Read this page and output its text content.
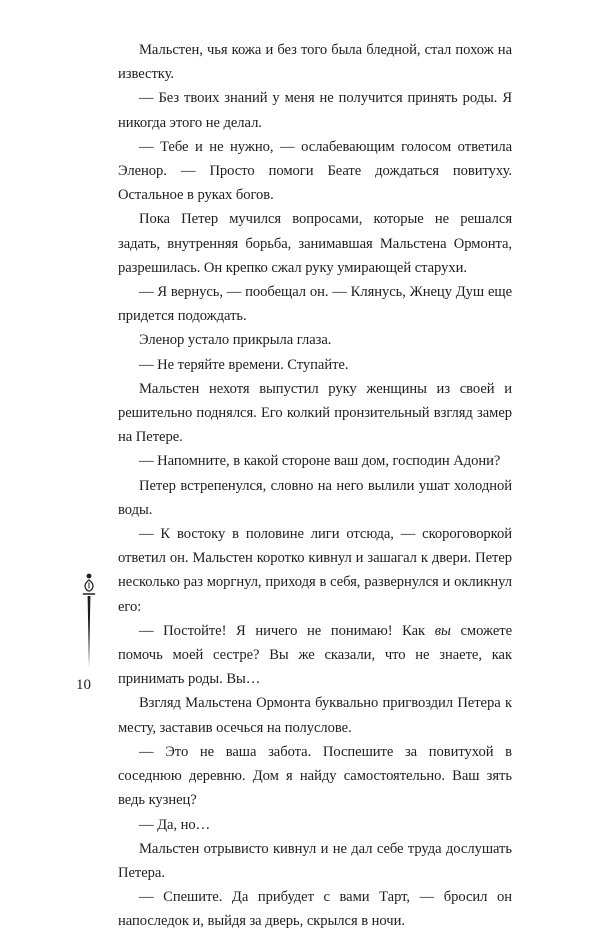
Мальстен, чья кожа и без того была бледной, стал похож на известку.

— Без твоих знаний у меня не получится принять роды. Я никогда этого не делал.

— Тебе и не нужно, — ослабевающим голосом ответила Эленор. — Просто помоги Беате дождаться повитуху. Остальное в руках богов.

Пока Петер мучился вопросами, которые не решался задать, внутренняя борьба, занимавшая Мальстена Ормонта, разрешилась. Он крепко сжал руку умирающей старухи.

— Я вернусь, — пообещал он. — Клянусь, Жнецу Душ еще придется подождать.

Эленор устало прикрыла глаза.

— Не теряйте времени. Ступайте.

Мальстен нехотя выпустил руку женщины из своей и решительно поднялся. Его колкий пронзительный взгляд замер на Петере.

— Напомните, в какой стороне ваш дом, господин Адони?

Петер встрепенулся, словно на него вылили ушат холодной воды.

— К востоку в половине лиги отсюда, — скороговоркой ответил он. Мальстен коротко кивнул и зашагал к двери. Петер несколько раз моргнул, приходя в себя, развернулся и окликнул его:

— Постойте! Я ничего не понимаю! Как вы сможете помочь моей сестре? Вы же сказали, что не знаете, как принимать роды. Вы…

Взгляд Мальстена Ормонта буквально пригвоздил Петера к месту, заставив осечься на полуслове.

— Это не ваша забота. Поспешите за повитухой в соседнюю деревню. Дом я найду самостоятельно. Ваш зять ведь кузнец?

— Да, но…

Мальстен отрывисто кивнул и не дал себе труда дослушать Петера.

— Спешите. Да прибудет с вами Тарт, — бросил он напоследок и, выйдя за дверь, скрылся в ночи.

10
